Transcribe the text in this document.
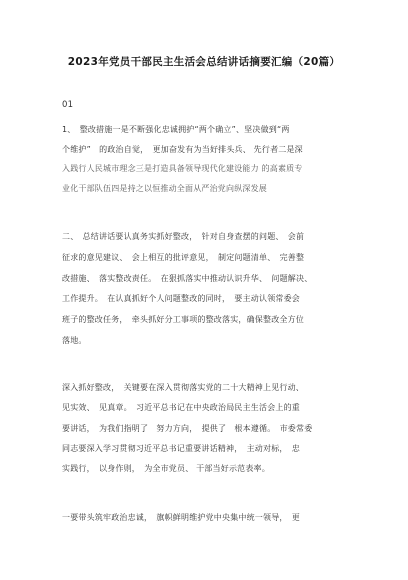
2023年党员干部民主生活会总结讲话摘要汇编（20篇）
01
1、　整改措施一是不断强化忠诚拥护“两个确立”、坚决做到“两
个维护”　的政治自觉，　更加奋发有为当好排头兵、 先行者二是深
入践行人民城市理念三是打造具备领导现代化建设能力 的高素质专
业化干部队伍四是持之以恒推动全面从严治党向纵深发展
二、　总结讲话要认真务实抓好整改，　针对自身查摆的问题、　会前
征求的意见建议、　会上相互的批评意见，　制定问题清单、　完善整
改措施、　落实整改责任。　在狠抓落实中推动认识升华、　问题解决、
工作提升。　在认真抓好个人问题整改的同时，　要主动认领常委会
班子的整改任务，　牵头抓好分工事项的整改落实，确保整改全方位
落地。
深入抓好整改，　关键要在深入贯彻落实党的二十大精神上见行动、
见实效、　见真章。　习近平总书记在中央政治局民主生活会上的重
要讲话，　为我们指明了　努力方向，　提供了　根本遵循。　市委常委
同志要深入学习贯彻习近平总书记重要讲话精神，　主动对标，　忠
实践行，　以身作则，　为全市党员、 干部当好示范表率。
一要带头筑牢政治忠诚，　旗帜鲜明维护党中央集中统一领导，　更
